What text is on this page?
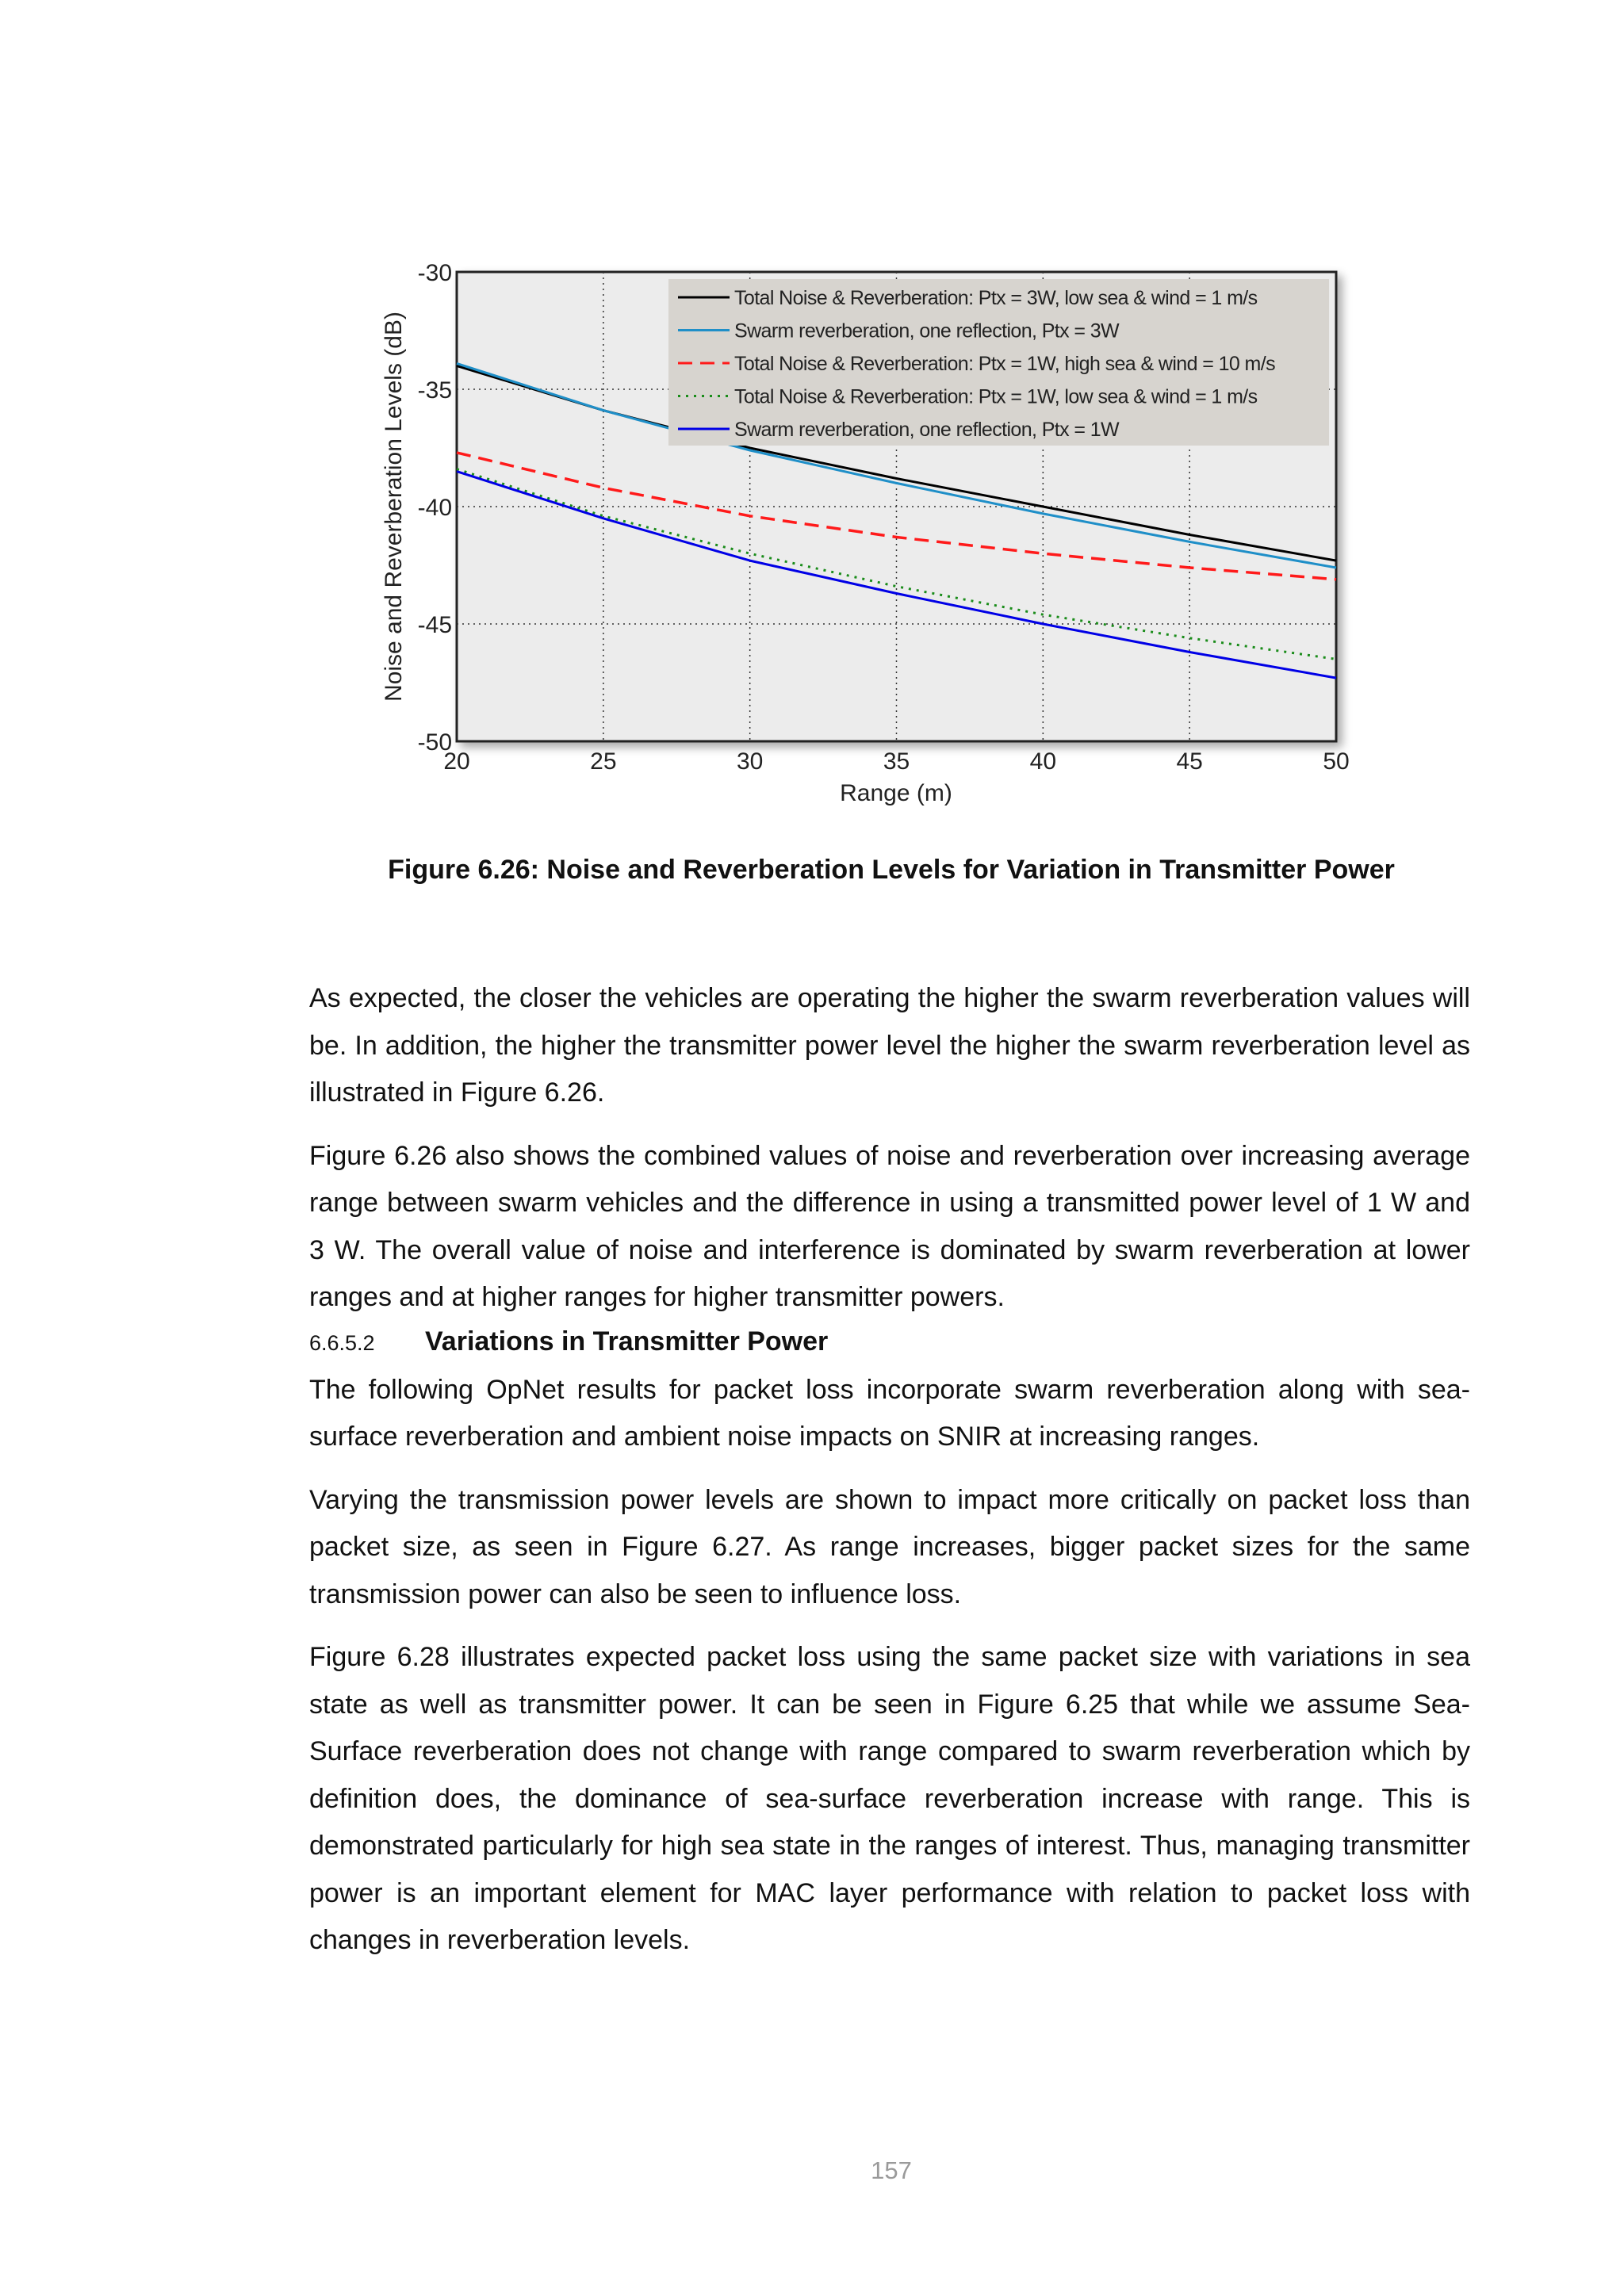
20	25	30	35	40	45	50
-30
-35
-40
-45
-50
Total Noise & Reverberation: Ptx = 3W, low sea & wind = 1 m/s
Swarm reverberation, one reflection, Ptx = 3W
Total Noise & Reverberation: Ptx = 1W, high sea & wind = 10 m/s
Total Noise & Reverberation: Ptx = 1W, low sea & wind = 1 m/s
Swarm reverberation, one reflection, Ptx = 1W
Range (m)
Noise and Reverberation Levels (dB)
Figure 6.26: Noise and Reverberation Levels for Variation in Transmitter Power

As expected, the closer the vehicles are operating the higher the swarm reverberation values will be. In addition, the higher the transmitter power level the higher the swarm reverberation level as illustrated in Figure 6.26.

Figure 6.26 also shows the combined values of noise and reverberation over increasing average range between swarm vehicles and the difference in using a transmitted power level of 1 W and 3 W. The overall value of noise and interference is dominated by swarm reverberation at lower ranges and at higher ranges for higher transmitter powers.

6.6.5.2 Variations in Transmitter Power

The following OpNet results for packet loss incorporate swarm reverberation along with sea-surface reverberation and ambient noise impacts on SNIR at increasing ranges.

Varying the transmission power levels are shown to impact more critically on packet loss than packet size, as seen in Figure 6.27. As range increases, bigger packet sizes for the same transmission power can also be seen to influence loss.

Figure 6.28 illustrates expected packet loss using the same packet size with variations in sea state as well as transmitter power. It can be seen in Figure 6.25 that while we assume Sea-Surface reverberation does not change with range compared to swarm reverberation which by definition does, the dominance of sea-surface reverberation increase with range. This is demonstrated particularly for high sea state in the ranges of interest. Thus, managing transmitter power is an important element for MAC layer performance with relation to packet loss with changes in reverberation levels.

157
